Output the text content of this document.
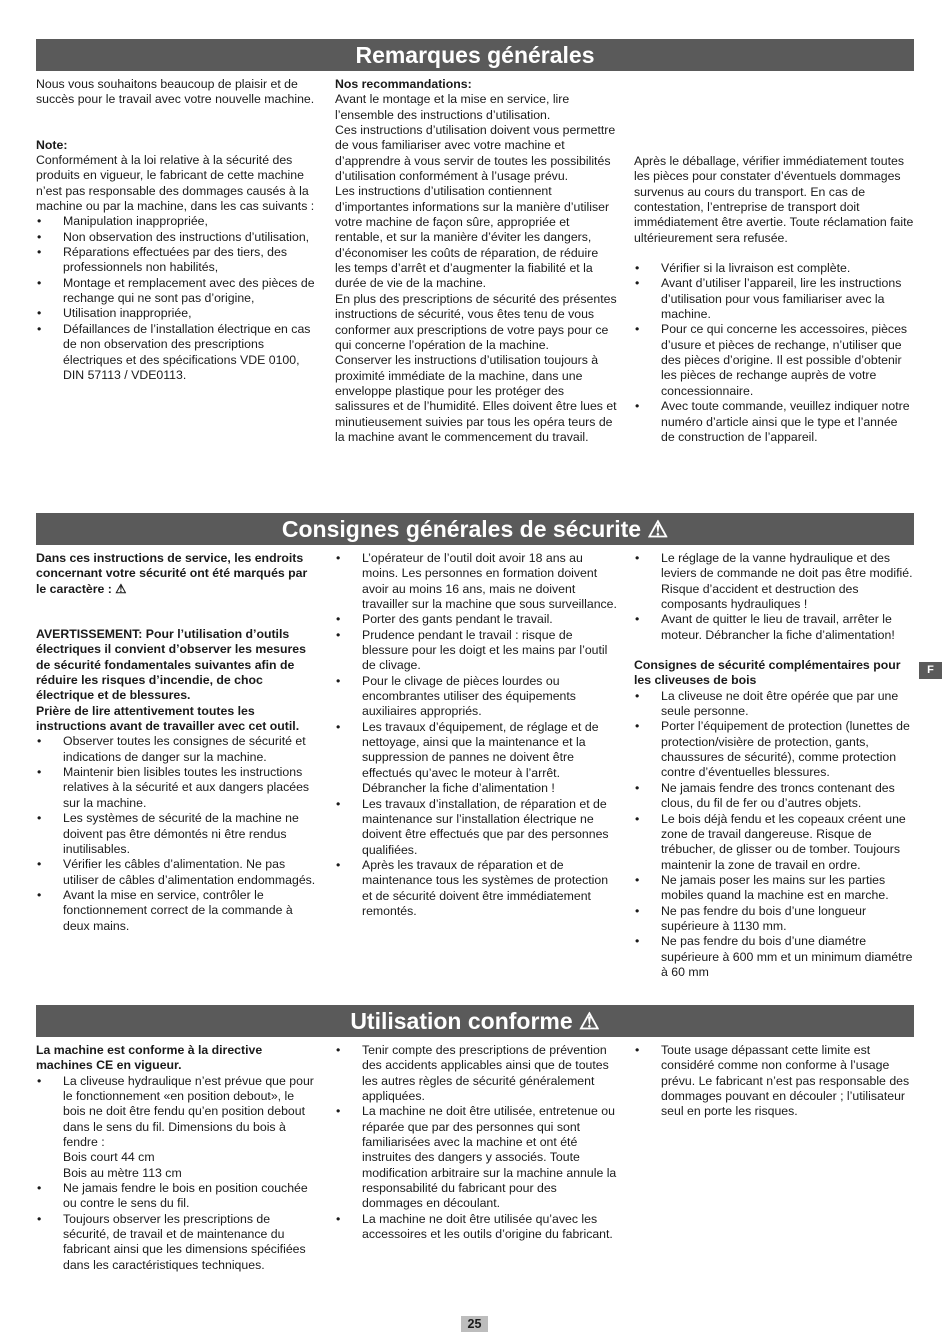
Remarques générales

Nous vous souhaitons beaucoup de plaisir et de succès pour le travail avec votre nouvelle machine.

Note:

Conformément à la loi relative à la sécurité des produits en vigueur, le fabricant de cette machine n’est pas responsable des dommages causés à la machine ou par la machine, dans les cas suivants :

• Manipulation inappropriée,
• Non observation des instructions d’utilisation,
• Réparations effectuées par des tiers, des professionnels non habilités,
• Montage et remplacement avec des pièces de rechange qui ne sont pas d’origine,
• Utilisation inappropriée,
• Défaillances de l’installation électrique en cas de non observation des prescriptions électriques et des spécifications VDE 0100, DIN 57113 / VDE0113.

Nos recommandations:

Avant le montage et la mise en service, lire l’ensemble des instructions d’utilisation.

Ces instructions d’utilisation doivent vous permettre de vous familiariser avec votre machine et d’apprendre à vous servir de toutes les possibilités d’utilisation conformément à l’usage prévu.

Les instructions d’utilisation contiennent d’importantes informations sur la manière d’utiliser votre machine de façon sûre, appropriée et rentable, et sur la manière d’éviter les dangers, d’économiser les coûts de réparation, de réduire les temps d’arrêt et d’augmenter la fiabilité et la durée de vie de la machine.

En plus des prescriptions de sécurité des présentes instructions de sécurité, vous êtes tenu de vous conformer aux prescriptions de votre pays pour ce qui concerne l’opération de la machine.

Conserver les instructions d’utilisation toujours à proximité immédiate de la machine, dans une enveloppe plastique pour les protéger des salissures et de l’humidité. Elles doivent être lues et minutieusement suivies par tous les opéra teurs de la machine avant le commencement du travail.

Après le déballage, vérifier immédiatement toutes les pièces pour constater d’éventuels dommages survenus au cours du transport. En cas de contestation, l’entreprise de transport doit immédiatement être avertie. Toute réclamation faite ultérieurement sera refusée.

• Vérifier si la livraison est complète.
• Avant d’utiliser l’appareil, lire les instructions d’utilisation pour vous familiariser avec la machine.
• Pour ce qui concerne les accessoires, pièces d’usure et pièces de rechange, n’utiliser que des pièces d’origine. Il est possible d’obtenir les pièces de rechange auprès de votre concessionnaire.
• Avec toute commande, veuillez indiquer notre numéro d’article ainsi que le type et l’année de construction de l’appareil.
Consignes générales de sécurite ⚠

Dans ces instructions de service, les endroits concernant votre sécurité ont été marqués par le caractère : ⚠

AVERTISSEMENT: Pour l’utilisation d’outils électriques il convient d’observer les mesures de sécurité fondamentales suivantes afin de réduire les risques d’incendie, de choc électrique et de blessures.

Prière de lire attentivement toutes les instructions avant de travailler avec cet outil.

• Observer toutes les consignes de sécurité et indications de danger sur la machine.
• Maintenir bien lisibles toutes les instructions relatives à la sécurité et aux dangers placées sur la machine.
• Les systèmes de sécurité de la machine ne doivent pas être démontés ni être rendus inutilisables.
• Vérifier les câbles d’alimentation. Ne pas utiliser de câbles d’alimentation endommagés.
• Avant la mise en service, contrôler le fonctionnement correct de la commande à deux mains.
• L’opérateur de l’outil doit avoir 18 ans au moins. Les personnes en formation doivent avoir au moins 16 ans, mais ne doivent travailler sur la machine que sous surveillance.
• Porter des gants pendant le travail.
• Prudence pendant le travail : risque de blessure pour les doigt et les mains par l’outil de clivage.
• Pour le clivage de pièces lourdes ou encombrantes utiliser des équipements auxiliaires appropriés.
• Les travaux d’équipement, de réglage et de nettoyage, ainsi que la maintenance et la suppression de pannes ne doivent être effectués qu’avec le moteur à l’arrêt. Débrancher la fiche d’alimentation !
• Les travaux d’installation, de réparation et de maintenance sur l’installation électrique ne doivent être effectués que par des personnes qualifiées.
• Après les travaux de réparation et de maintenance tous les systèmes de protection et de sécurité doivent être immédiatement remontés.
• Le réglage de la vanne hydraulique et des leviers de commande ne doit pas être modifié. Risque d’accident et destruction des composants hydrauliques !
• Avant de quitter le lieu de travail, arrêter le moteur. Débrancher la fiche d’alimentation!

Consignes de sécurité complémentaires pour les cliveuses de bois

• La cliveuse ne doit être opérée que par une seule personne.
• Porter l’équipement de protection (lunettes de protection/visière de protection, gants, chaussures de sécurité), comme protection contre d’éventuelles blessures.
• Ne jamais fendre des troncs contenant des clous, du fil de fer ou d’autres objets.
• Le bois déjà fendu et les copeaux créent une zone de travail dangereuse. Risque de trébucher, de glisser ou de tomber. Toujours maintenir la zone de travail en ordre.
• Ne jamais poser les mains sur les parties mobiles quand la machine est en marche.
• Ne pas fendre du bois d’une longueur supérieure à 1130 mm.
• Ne pas fendre du bois d’une diamétre supérieure à 600 mm et un minimum diamétre à 60 mm
Utilisation conforme ⚠

La machine est conforme à la directive machines CE en vigueur.

• La cliveuse hydraulique n’est prévue que pour le fonctionnement «en position debout», le bois ne doit être fendu qu’en position debout dans le sens du fil. Dimensions du bois à fendre :
Bois court 44 cm
Bois au mètre 113 cm
• Ne jamais fendre le bois en position couchée ou contre le sens du fil.
• Toujours observer les prescriptions de sécurité, de travail et de maintenance du fabricant ainsi que les dimensions spécifiées dans les caractéristiques techniques.
• Tenir compte des prescriptions de prévention des accidents applicables ainsi que de toutes les autres règles de sécurité généralement appliquées.
• La machine ne doit être utilisée, entretenue ou réparée que par des personnes qui sont familiarisées avec la machine et ont été instruites des dangers y associés. Toute modification arbitraire sur la machine annule la responsabilité du fabricant pour des dommages en découlant.
• La machine ne doit être utilisée qu’avec les accessoires et les outils d’origine du fabricant.
• Toute usage dépassant cette limite est considéré comme non conforme à l’usage prévu. Le fabricant n’est pas responsable des dommages pouvant en découler ; l’utilisateur seul en porte les risques.
F
25
